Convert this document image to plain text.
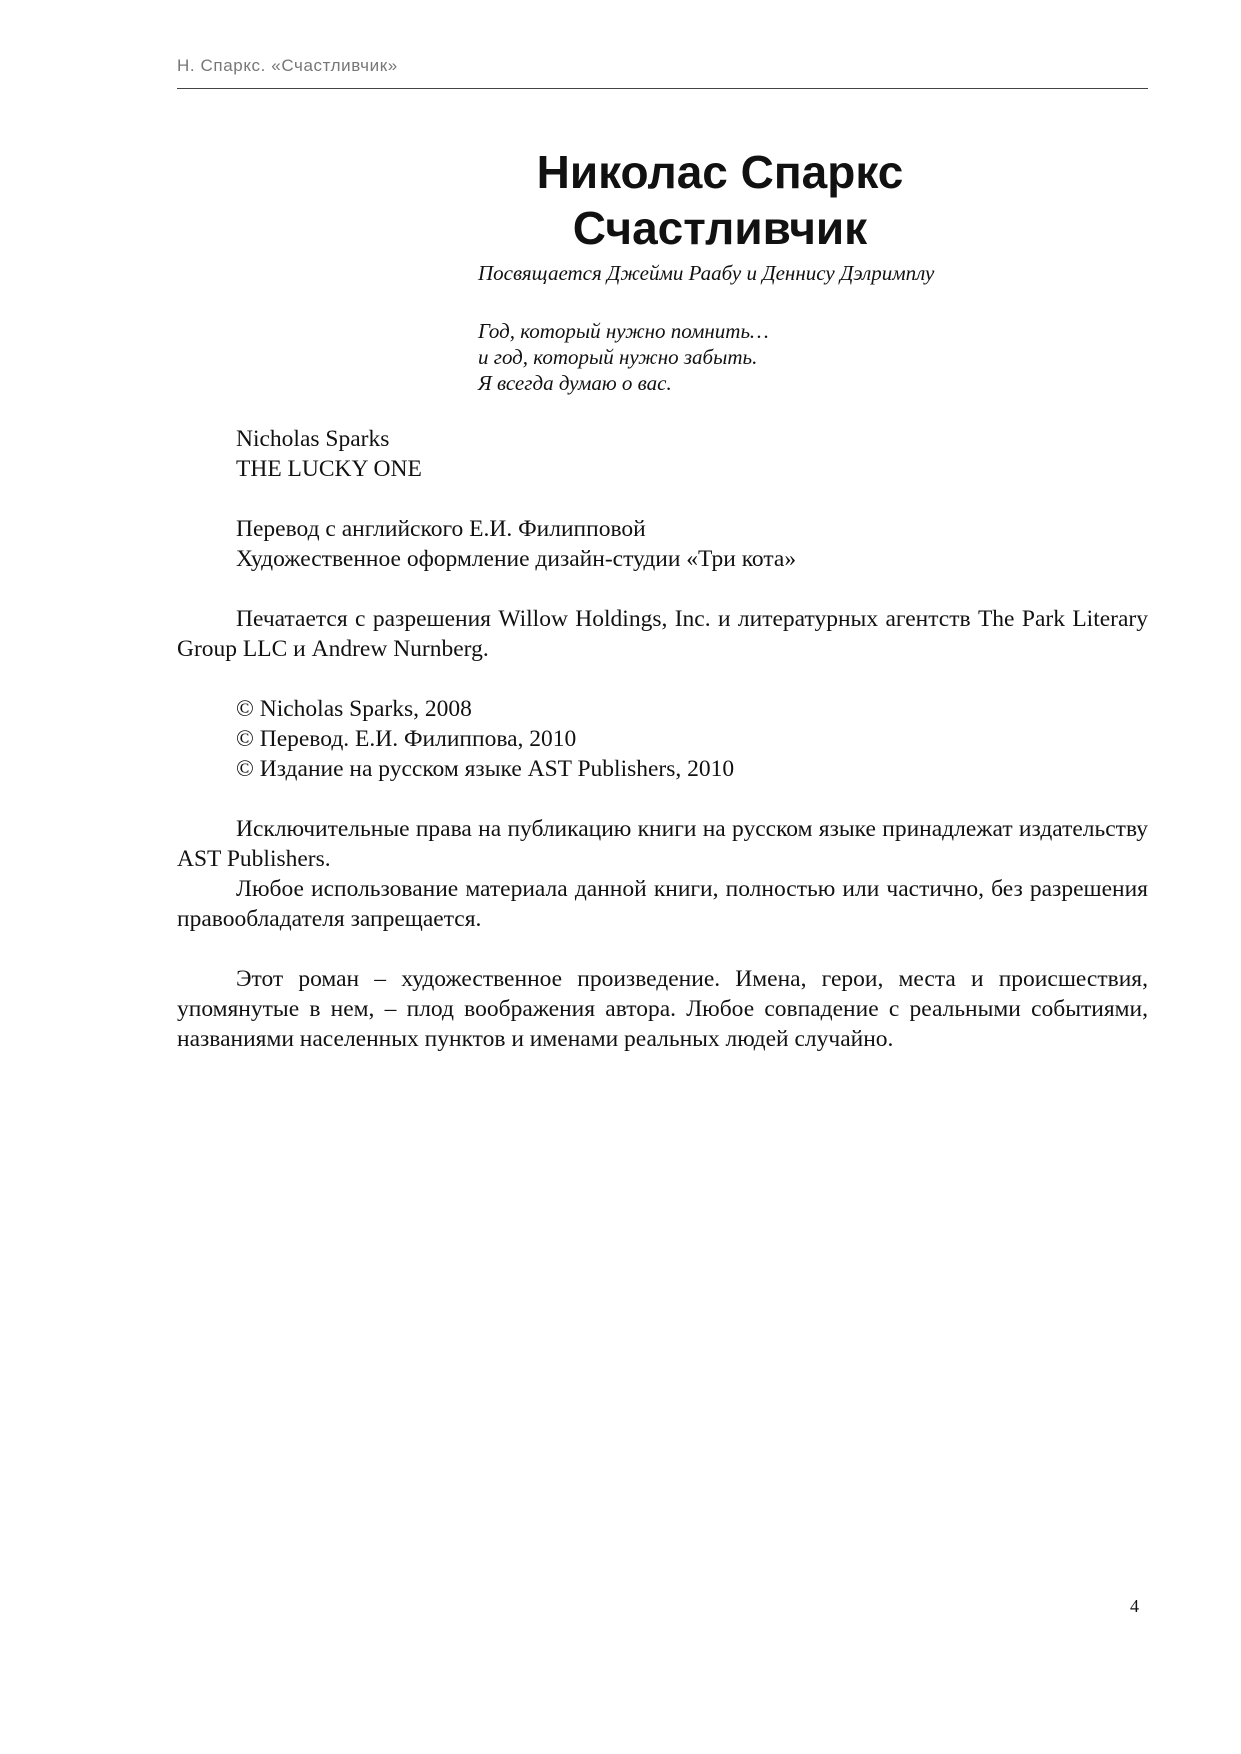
Н. Спаркс. «Счастливчик»
Николас Спаркс
Счастливчик
Посвящается Джейми Раабу и Деннису Дэлримплу
Год, который нужно помнить…
и год, который нужно забыть.
Я всегда думаю о вас.
Nicholas Sparks
THE LUCKY ONE
Перевод с английского Е.И. Филипповой
Художественное оформление дизайн-студии «Три кота»

Печатается с разрешения Willow Holdings, Inc. и литературных агентств The Park Literary Group LLC и Andrew Nurnberg.

© Nicholas Sparks, 2008
© Перевод. Е.И. Филиппова, 2010
© Издание на русском языке AST Publishers, 2010

Исключительные права на публикацию книги на русском языке принадлежат издательству AST Publishers.

Любое использование материала данной книги, полностью или частично, без разрешения правообладателя запрещается.

Этот роман – художественное произведение. Имена, герои, места и происшествия, упомянутые в нем, – плод воображения автора. Любое совпадение с реальными событиями, названиями населенных пунктов и именами реальных людей случайно.

4
